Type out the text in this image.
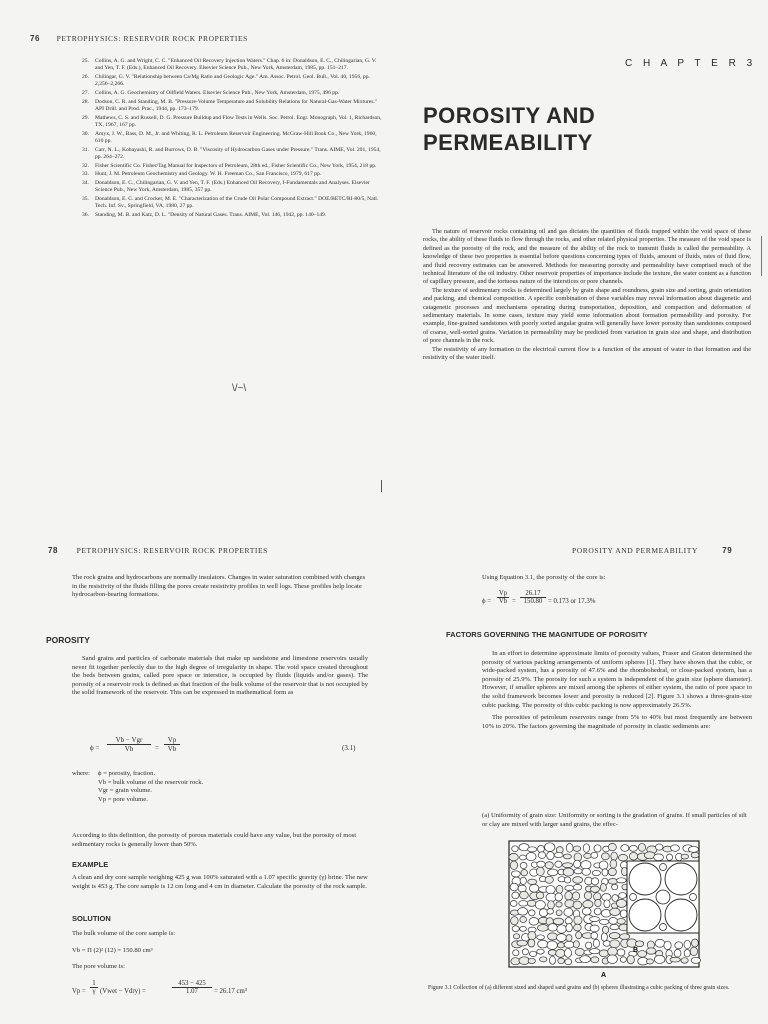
76 PETROPHYSICS: RESERVOIR ROCK PROPERTIES
25.	Collins, A. G. and Wright, C. C. "Enhanced Oil Recovery Injection Waters." Chap. 6 in: Donaldson, E. C., Chilingarian, G. V. and Yen, T. F. (Eds.), Enhanced Oil Recovery. Elsevier Science Pub., New York, Amsterdam, 1985, pp. 151–217.
26.	Chilingar, G. V. "Relationship between Ca/Mg Ratio and Geologic Age." Am. Assoc. Petrol. Geol. Bull., Vol. 40, 1956, pp. 2,256–2,266.
27.	Collins, A. G. Geochemistry of Oilfield Waters. Elsevier Science Pub., New York, Amsterdam, 1975, 496 pp.
28.	Dodson, C. R. and Standing, M. B. "Pressure-Volume Temperature and Solubility Relations for Natural-Gas-Water Mixtures." API Drill. and Prod. Prac., 1944, pp. 173–179.
29.	Mathews, C. S. and Russell, D. G. Pressure Buildup and Flow Tests in Wells. Soc. Petrol. Engr. Monograph, Vol. 1, Richardson, TX, 1967, 167 pp.
30.	Amyx, J. W., Bass, D. M., Jr. and Whiting, R. L. Petroleum Reservoir Engineering. McGraw-Hill Book Co., New York, 1960, 610 pp.
31.	Carr, N. L., Kobayashi, R. and Burrows, D. B. "Viscosity of Hydrocarbon Gases under Pressure." Trans. AIME, Vol. 201, 1954, pp. 264–272.
32.	Fisher Scientific Co. Fisher/Tag Manual for Inspectors of Petroleum, 28th ed., Fisher Scientific Co., New York, 1954, 218 pp.
33.	Hunt, J. M. Petroleum Geochemistry and Geology. W. H. Freeman Co., San Francisco, 1979, 617 pp.
34.	Donaldson, E. C., Chilingarian, G. V. and Yen, T. F. (Eds.) Enhanced Oil Recovery, I-Fundamentals and Analyses. Elsevier Science Pub., New York, Amsterdam, 1985, 357 pp.
35.	Donaldson, E. C. and Crocker, M. E. "Characterization of the Crude Oil Polar Compound Extract." DOE/BETC/RI-80/5, Natl. Tech. Inf. Sv., Springfield, VA, 1980, 27 pp.
36.	Standing, M. B. and Katz, D. L. "Density of Natural Gases. Trans. AIME, Vol. 146, 1942, pp. 140–149.
C H A P T E R 3
POROSITY AND
PERMEABILITY

The nature of reservoir rocks containing oil and gas dictates the quantities of fluids trapped within the void space of these rocks, the ability of these fluids to flow through the rocks, and other related physical properties. The measure of the void space is defined as the porosity of the rock, and the measure of the ability of the rock to transmit fluids is called the permeability. A knowledge of these two properties is essential before questions concerning types of fluids, amount of fluids, rates of fluid flow, and fluid recovery estimates can be answered. Methods for measuring porosity and permeability have comprised much of the technical literature of the oil industry. Other reservoir properties of importance include the texture, the water content as a function of capillary pressure, and the tortuous nature of the interstices or pore channels.

The texture of sedimentary rocks is determined largely by grain shape and roundness, grain size and sorting, grain orientation and packing, and chemical composition. A specific combination of these variables may reveal information about diagenetic and catagenetic processes and mechanisms operating during transportation, deposition, and compaction and deformation of sedimentary materials. In some cases, texture may yield some information about formation permeability and porosity. For example, fine-grained sandstones with poorly sorted angular grains will generally have lower porosity than sandstones composed of coarse, well-sorted grains. Variation in permeability may be predicted from variation in grain size and shape, and distribution of pore channels in the rock.

The resistivity of any formation to the electrical current flow is a function of the amount of water in that formation and the resistivity of the water itself.

\/~\
78 PETROPHYSICS: RESERVOIR ROCK PROPERTIES

The rock grains and hydrocarbons are normally insulators. Changes in water saturation combined with changes in the resistivity of the fluids filling the pores create resistivity profiles in well logs. These profiles help locate hydrocarbon-bearing formations.

POROSITY

Sand grains and particles of carbonate materials that make up sandstone and limestone reservoirs usually never fit together perfectly due to the high degree of irregularity in shape. The void space created throughout the beds between grains, called pore space or interstice, is occupied by fluids (liquids and/or gases). The porosity of a reservoir rock is defined as that fraction of the bulk volume of the reservoir that is not occupied by the solid framework of the reservoir. This can be expressed in mathematical form as

ϕ =
Vb − Vgr
Vb	= $\frac{Vp}{Vb}$	(3.1)
where:	ϕ = porosity, fraction.
Vb = bulk volume of the reservoir rock.
Vgr = grain volume.
Vp = pore volume.

According to this definition, the porosity of porous materials could have any value, but the porosity of most sedimentary rocks is generally lower than 50%.

EXAMPLE

A clean and dry core sample weighing 425 g was 100% saturated with a 1.07 specific gravity (γ) brine. The new weight is 453 g. The core sample is 12 cm long and 4 cm in diameter. Calculate the porosity of the rock sample.

SOLUTION
The bulk volume of the core sample is:
Vb = Π (2)² (12) = 150.80 cm³
The pore volume is:
$Vp = \frac{1}{\gamma}$ (Vwet − Vdry) =	$\frac{453 - 425}{1.07} = 26.17$ cm³
POROSITY AND PERMEABILITY	79

Using Equation 3.1, the porosity of the core is:

$\phi = \frac{Vp}{Vb} = \frac{26.17}{150.80} = 0.173$ or 17.3%
FACTORS GOVERNING THE MAGNITUDE OF POROSITY

In an effort to determine approximate limits of porosity values, Fraser and Graton determined the porosity of various packing arrangements of uniform spheres [1]. They have shown that the cubic, or wide-packed system, has a porosity of 47.6% and the rhombohedral, or close-packed system, has a porosity of 25.9%. The porosity for such a system is independent of the grain size (sphere diameter). However, if smaller spheres are mixed among the spheres of either system, the ratio of pore space to the solid framework becomes lower and porosity is reduced [2]. Figure 3.1 shows a three-grain-size cubic packing. The porosity of this cubic packing is now approximately 26.5%.

The porosities of petroleum reservoirs range from 5% to 40% but most frequently are between 10% to 20%. The factors governing the magnitude of porosity in clastic sediments are:

(a) Uniformity of grain size: Uniformity or sorting is the gradation of grains. If small particles of silt or clay are mixed with larger sand grains, the effec-

B
A
Figure 3.1 Collection of (a) different sized and shaped sand grains and (b) spheres illustrating a cubic packing of three grain sizes.
